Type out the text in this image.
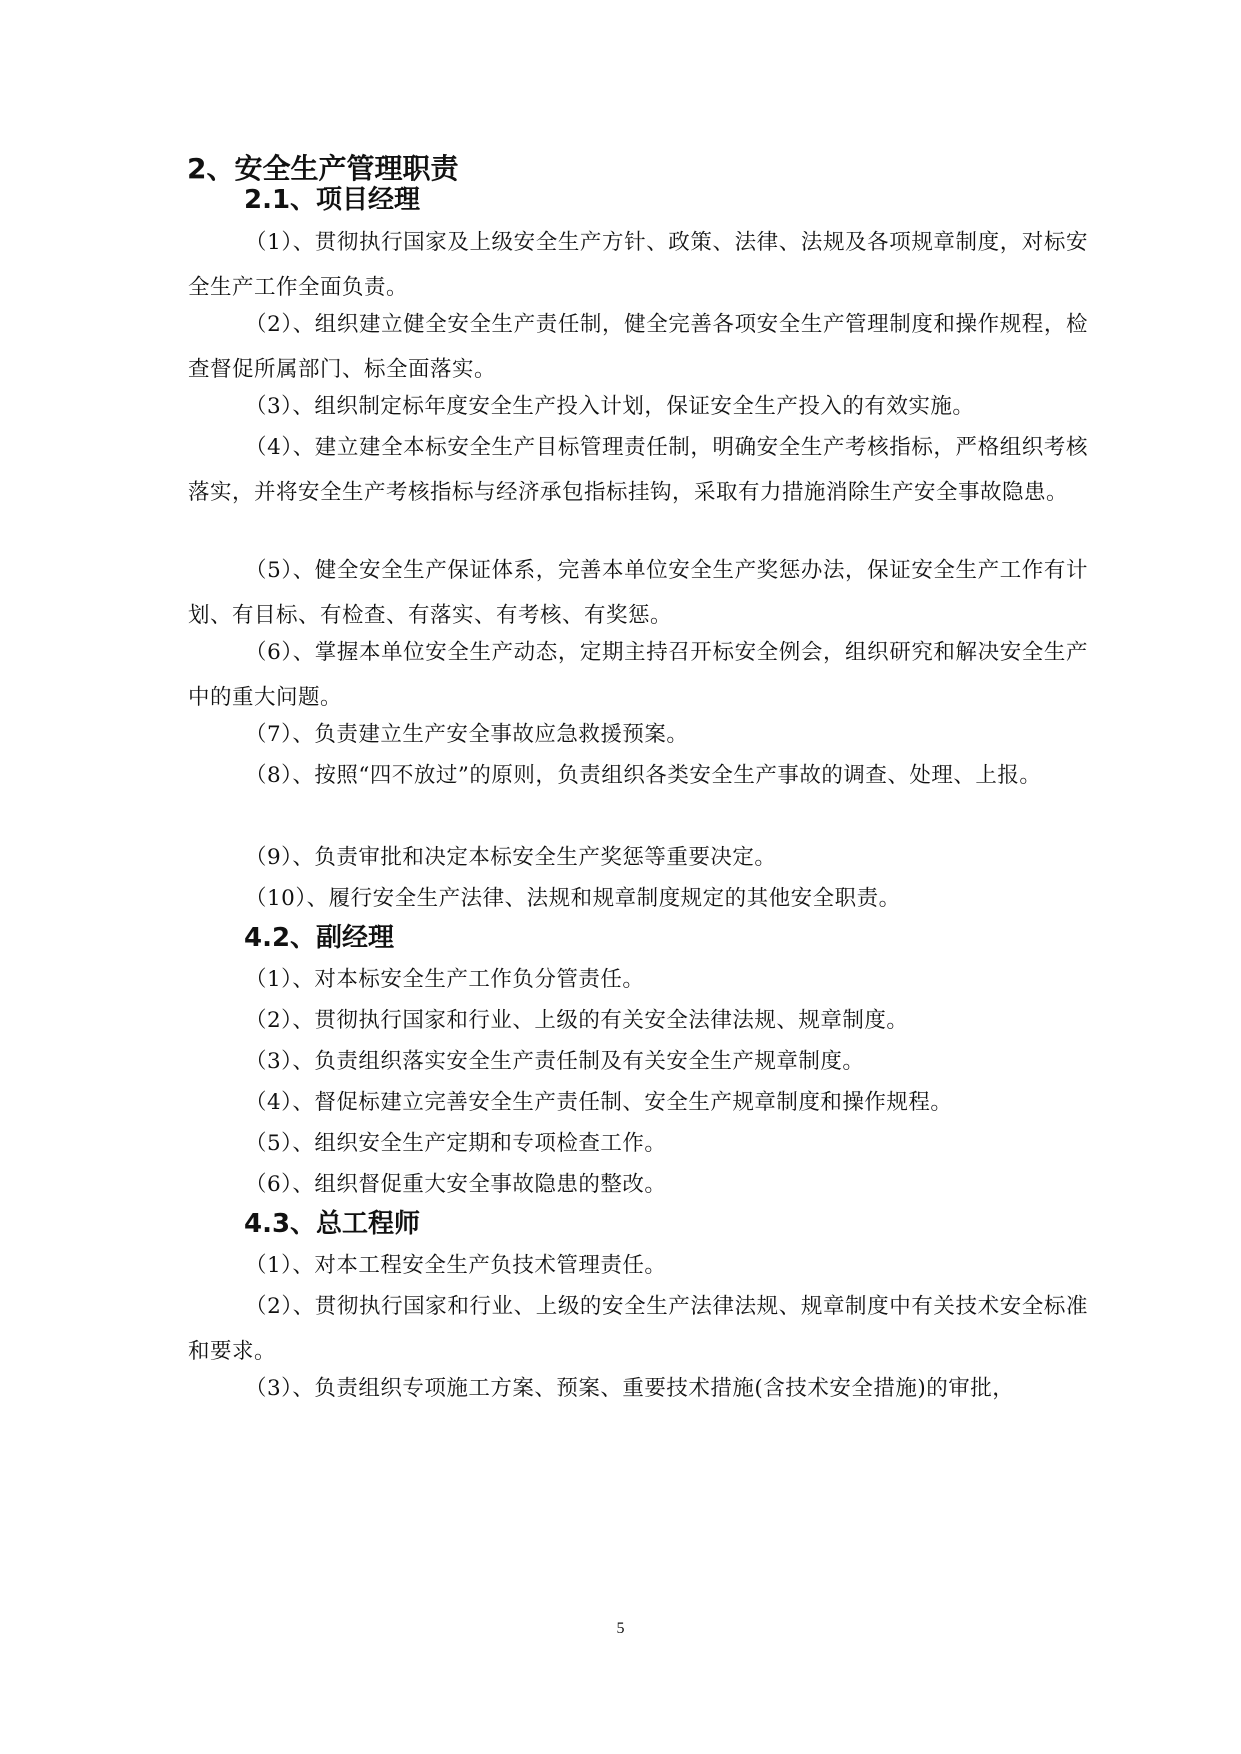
2、安全生产管理职责
2.1、项目经理
（1）、贯彻执行国家及上级安全生产方针、政策、法律、法规及各项规章制度，对标安全生产工作全面负责。
（2）、组织建立健全安全生产责任制，健全完善各项安全生产管理制度和操作规程，检查督促所属部门、标全面落实。
（3）、组织制定标年度安全生产投入计划，保证安全生产投入的有效实施。
（4）、建立建全本标安全生产目标管理责任制，明确安全生产考核指标，严格组织考核落实，并将安全生产考核指标与经济承包指标挂钩，采取有力措施消除生产安全事故隐患。
（5）、健全安全生产保证体系，完善本单位安全生产奖惩办法，保证安全生产工作有计划、有目标、有检查、有落实、有考核、有奖惩。
（6）、掌握本单位安全生产动态，定期主持召开标安全例会，组织研究和解决安全生产中的重大问题。
（7）、负责建立生产安全事故应急救援预案。
（8）、按照“四不放过”的原则，负责组织各类安全生产事故的调查、处理、上报。
（9）、负责审批和决定本标安全生产奖惩等重要决定。
（10）、履行安全生产法律、法规和规章制度规定的其他安全职责。
4.2、副经理
（1）、对本标安全生产工作负分管责任。
（2）、贯彻执行国家和行业、上级的有关安全法律法规、规章制度。
（3）、负责组织落实安全生产责任制及有关安全生产规章制度。
（4）、督促标建立完善安全生产责任制、安全生产规章制度和操作规程。
（5）、组织安全生产定期和专项检查工作。
（6）、组织督促重大安全事故隐患的整改。
4.3、总工程师
（1）、对本工程安全生产负技术管理责任。
（2）、贯彻执行国家和行业、上级的安全生产法律法规、规章制度中有关技术安全标准和要求。
（3）、负责组织专项施工方案、预案、重要技术措施(含技术安全措施)的审批，
5
